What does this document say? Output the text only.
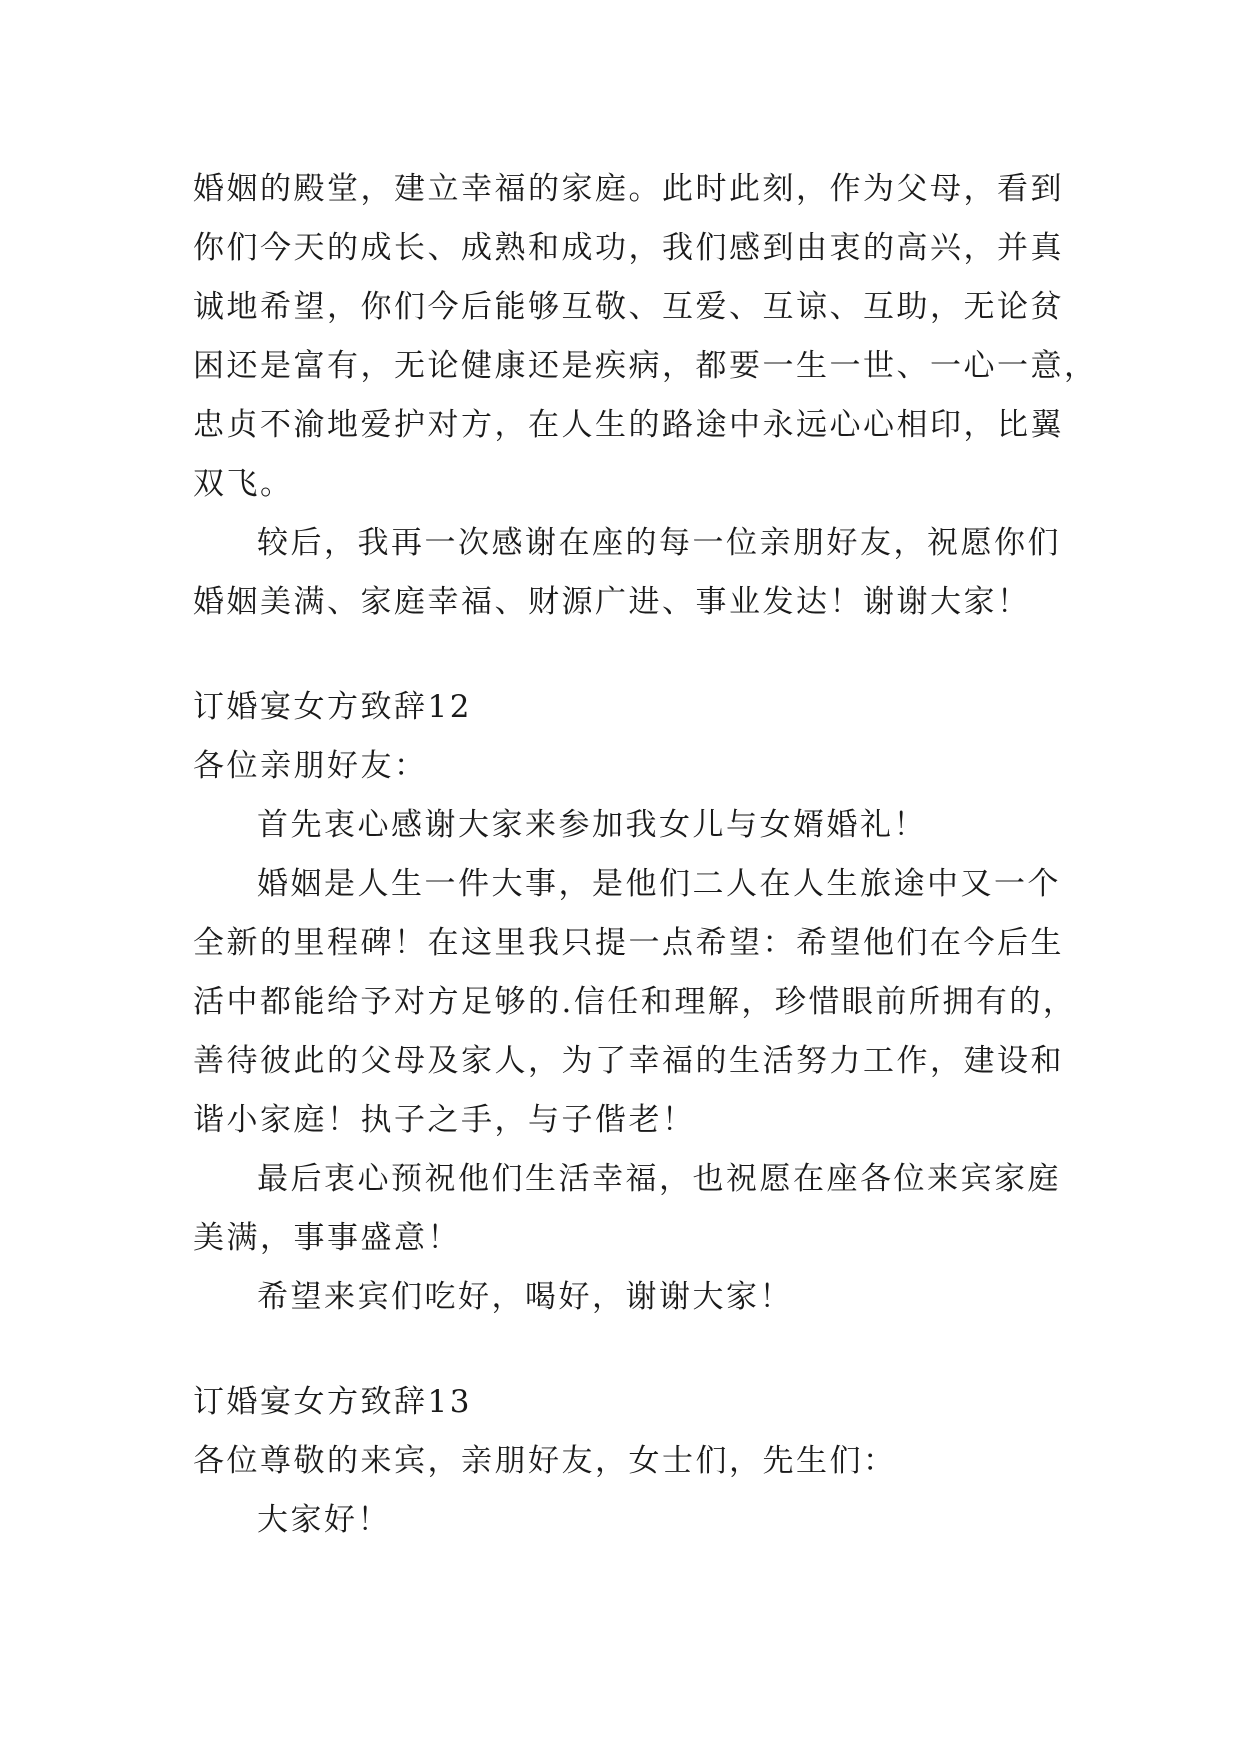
婚姻的殿堂，建立幸福的家庭。此时此刻，作为父母，看到
你们今天的成长、成熟和成功，我们感到由衷的高兴，并真
诚地希望，你们今后能够互敬、互爱、互谅、互助，无论贫
困还是富有，无论健康还是疾病，都要一生一世、一心一意，
忠贞不渝地爱护对方，在人生的路途中永远心心相印，比翼
双飞。
较后，我再一次感谢在座的每一位亲朋好友，祝愿你们
婚姻美满、家庭幸福、财源广进、事业发达！谢谢大家！
订婚宴女方致辞12
各位亲朋好友：
首先衷心感谢大家来参加我女儿与女婿婚礼！
婚姻是人生一件大事，是他们二人在人生旅途中又一个
全新的里程碑！在这里我只提一点希望：希望他们在今后生
活中都能给予对方足够的.信任和理解，珍惜眼前所拥有的，
善待彼此的父母及家人，为了幸福的生活努力工作，建设和
谐小家庭！执子之手，与子偕老！
最后衷心预祝他们生活幸福，也祝愿在座各位来宾家庭
美满，事事盛意！
希望来宾们吃好，喝好，谢谢大家！
订婚宴女方致辞13
各位尊敬的来宾，亲朋好友，女士们，先生们：
大家好！
